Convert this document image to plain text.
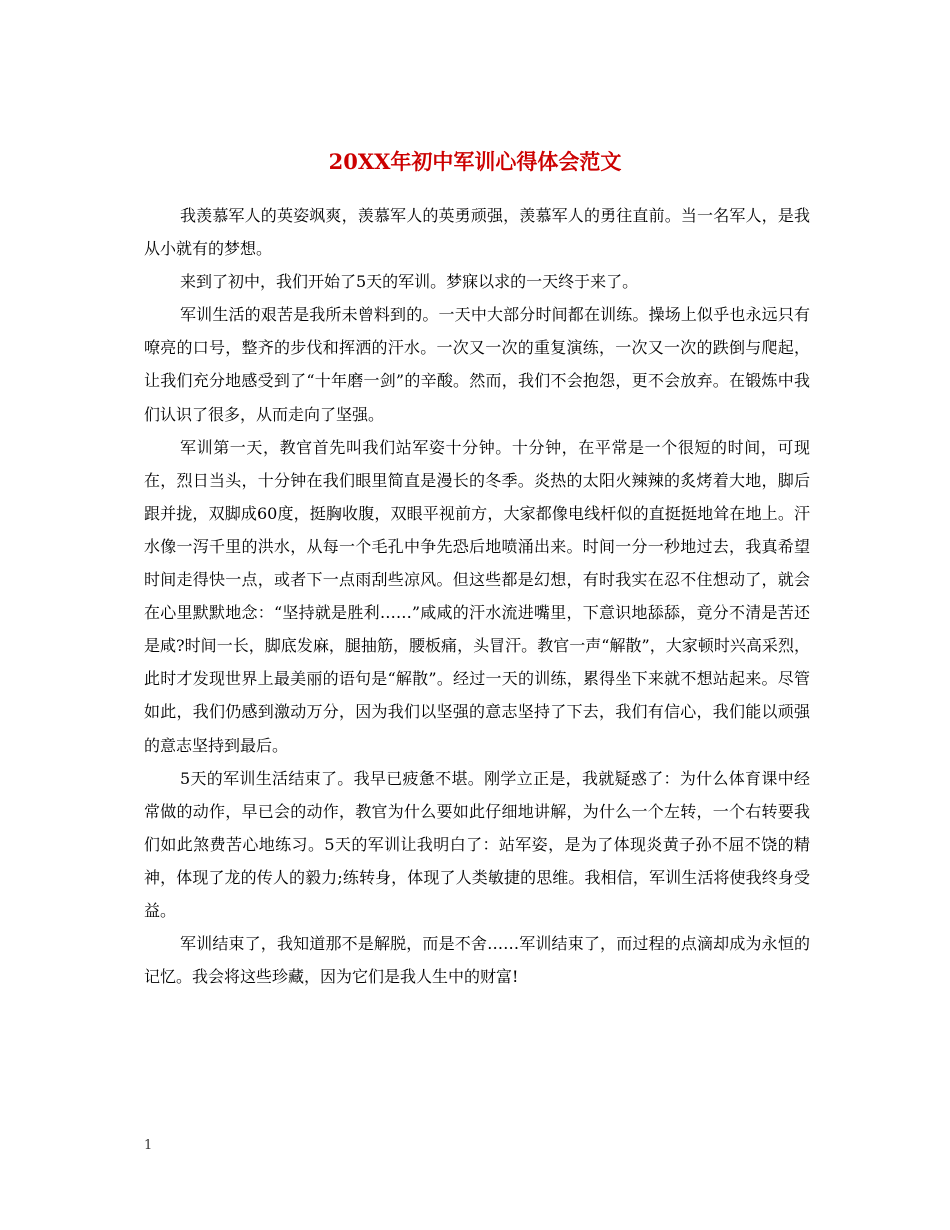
20XX年初中军训心得体会范文

我羡慕军人的英姿飒爽，羡慕军人的英勇顽强，羡慕军人的勇往直前。当一名军人，是我从小就有的梦想。

来到了初中，我们开始了5天的军训。梦寐以求的一天终于来了。

军训生活的艰苦是我所未曾料到的。一天中大部分时间都在训练。操场上似乎也永远只有嘹亮的口号，整齐的步伐和挥洒的汗水。一次又一次的重复演练，一次又一次的跌倒与爬起，让我们充分地感受到了“十年磨一剑”的辛酸。然而，我们不会抱怨，更不会放弃。在锻炼中我们认识了很多，从而走向了坚强。

军训第一天，教官首先叫我们站军姿十分钟。十分钟，在平常是一个很短的时间，可现在，烈日当头，十分钟在我们眼里简直是漫长的冬季。炎热的太阳火辣辣的炙烤着大地，脚后跟并拢，双脚成60度，挺胸收腹，双眼平视前方，大家都像电线杆似的直挺挺地耸在地上。汗水像一泻千里的洪水，从每一个毛孔中争先恐后地喷涌出来。时间一分一秒地过去，我真希望时间走得快一点，或者下一点雨刮些凉风。但这些都是幻想，有时我实在忍不住想动了，就会在心里默默地念：“坚持就是胜利……”咸咸的汗水流进嘴里，下意识地舔舔，竟分不清是苦还是咸?时间一长，脚底发麻，腿抽筋，腰板痛，头冒汗。教官一声“解散”，大家顿时兴高采烈，此时才发现世界上最美丽的语句是“解散”。经过一天的训练，累得坐下来就不想站起来。尽管如此，我们仍感到激动万分，因为我们以坚强的意志坚持了下去，我们有信心，我们能以顽强的意志坚持到最后。

5天的军训生活结束了。我早已疲惫不堪。刚学立正是，我就疑惑了：为什么体育课中经常做的动作，早已会的动作，教官为什么要如此仔细地讲解，为什么一个左转，一个右转要我们如此煞费苦心地练习。5天的军训让我明白了：站军姿，是为了体现炎黄子孙不屈不饶的精神，体现了龙的传人的毅力;练转身，体现了人类敏捷的思维。我相信，军训生活将使我终身受益。

军训结束了，我知道那不是解脱，而是不舍……军训结束了，而过程的点滴却成为永恒的记忆。我会将这些珍藏，因为它们是我人生中的财富!

1
